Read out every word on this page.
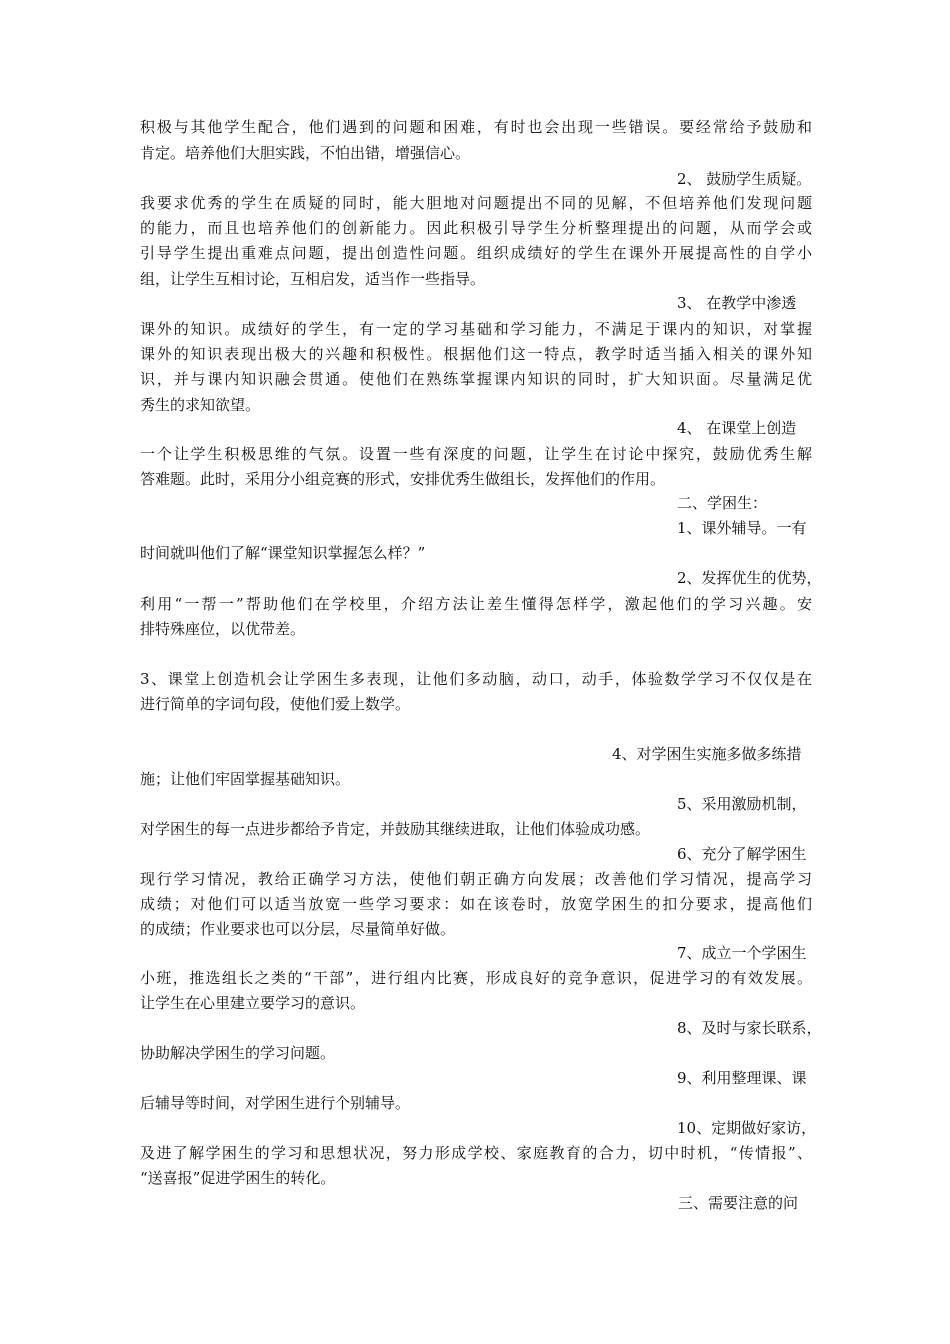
积极与其他学生配合，他们遇到的问题和困难，有时也会出现一些错误。要经常给予鼓励和
肯定。培养他们大胆实践，不怕出错，增强信心。
2、 鼓励学生质疑。
我要求优秀的学生在质疑的同时，能大胆地对问题提出不同的见解，不但培养他们发现问题
的能力，而且也培养他们的创新能力。因此积极引导学生分析整理提出的问题，从而学会或
引导学生提出重难点问题，提出创造性问题。组织成绩好的学生在课外开展提高性的自学小
组，让学生互相讨论，互相启发，适当作一些指导。
3、 在教学中渗透
课外的知识。成绩好的学生，有一定的学习基础和学习能力，不满足于课内的知识，对掌握
课外的知识表现出极大的兴趣和积极性。根据他们这一特点，教学时适当插入相关的课外知
识，并与课内知识融会贯通。使他们在熟练掌握课内知识的同时，扩大知识面。尽量满足优
秀生的求知欲望。
4、 在课堂上创造
一个让学生积极思维的气氛。设置一些有深度的问题，让学生在讨论中探究，鼓励优秀生解
答难题。此时，采用分小组竞赛的形式，安排优秀生做组长，发挥他们的作用。
二、学困生：
1、课外辅导。一有
时间就叫他们了解“课堂知识掌握怎么样？”
2、发挥优生的优势，
利用“一帮一”帮助他们在学校里，介绍方法让差生懂得怎样学，激起他们的学习兴趣。安
排特殊座位，以优带差。
3、课堂上创造机会让学困生多表现，让他们多动脑，动口，动手，体验数学学习不仅仅是在
进行简单的字词句段，使他们爱上数学。
4、对学困生实施多做多练措
施；让他们牢固掌握基础知识。
5、采用激励机制，
对学困生的每一点进步都给予肯定，并鼓励其继续进取，让他们体验成功感。
6、充分了解学困生
现行学习情况，教给正确学习方法，使他们朝正确方向发展；改善他们学习情况，提高学习
成绩；对他们可以适当放宽一些学习要求：如在该卷时，放宽学困生的扣分要求，提高他们
的成绩；作业要求也可以分层，尽量简单好做。
7、成立一个学困生
小班，推选组长之类的“干部”，进行组内比赛，形成良好的竞争意识，促进学习的有效发展。
让学生在心里建立要学习的意识。
8、及时与家长联系，
协助解决学困生的学习问题。
9、利用整理课、课
后辅导等时间，对学困生进行个别辅导。
10、定期做好家访，
及进了解学困生的学习和思想状况，努力形成学校、家庭教育的合力，切中时机，“传情报”、
“送喜报”促进学困生的转化。
三、需要注意的问
